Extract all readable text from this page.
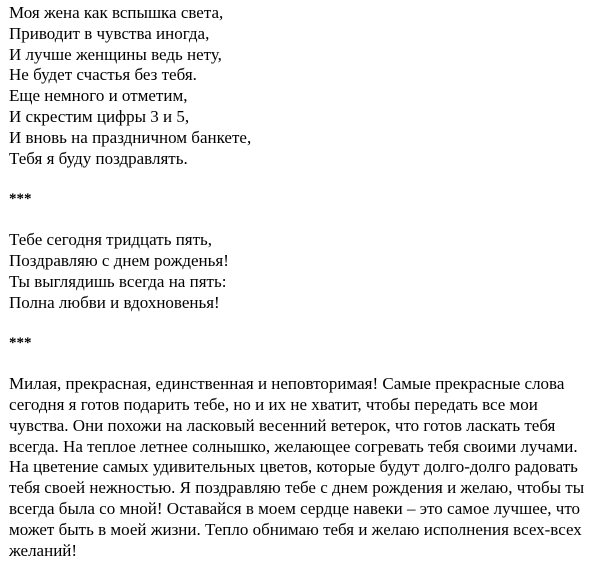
Моя жена как вспышка света,
Приводит в чувства иногда,
И лучше женщины ведь нету,
Не будет счастья без тебя.
Еще немного и отметим,
И скрестим цифры 3 и 5,
И вновь на праздничном банкете,
Тебя я буду поздравлять.
***
Тебе сегодня тридцать пять,
Поздравляю с днем рожденья!
Ты выглядишь всегда на пять:
Полна любви и вдохновенья!
***

Милая, прекрасная, единственная и неповторимая! Самые прекрасные слова сегодня я готов подарить тебе, но и их не хватит, чтобы передать все мои чувства. Они похожи на ласковый весенний ветерок, что готов ласкать тебя всегда. На теплое летнее солнышко, желающее согревать тебя своими лучами. На цветение самых удивительных цветов, которые будут долго-долго радовать тебя своей нежностью. Я поздравляю тебе с днем рождения и желаю, чтобы ты всегда была со мной! Оставайся в моем сердце навеки – это самое лучшее, что может быть в моей жизни. Тепло обнимаю тебя и желаю исполнения всех-всех желаний!
